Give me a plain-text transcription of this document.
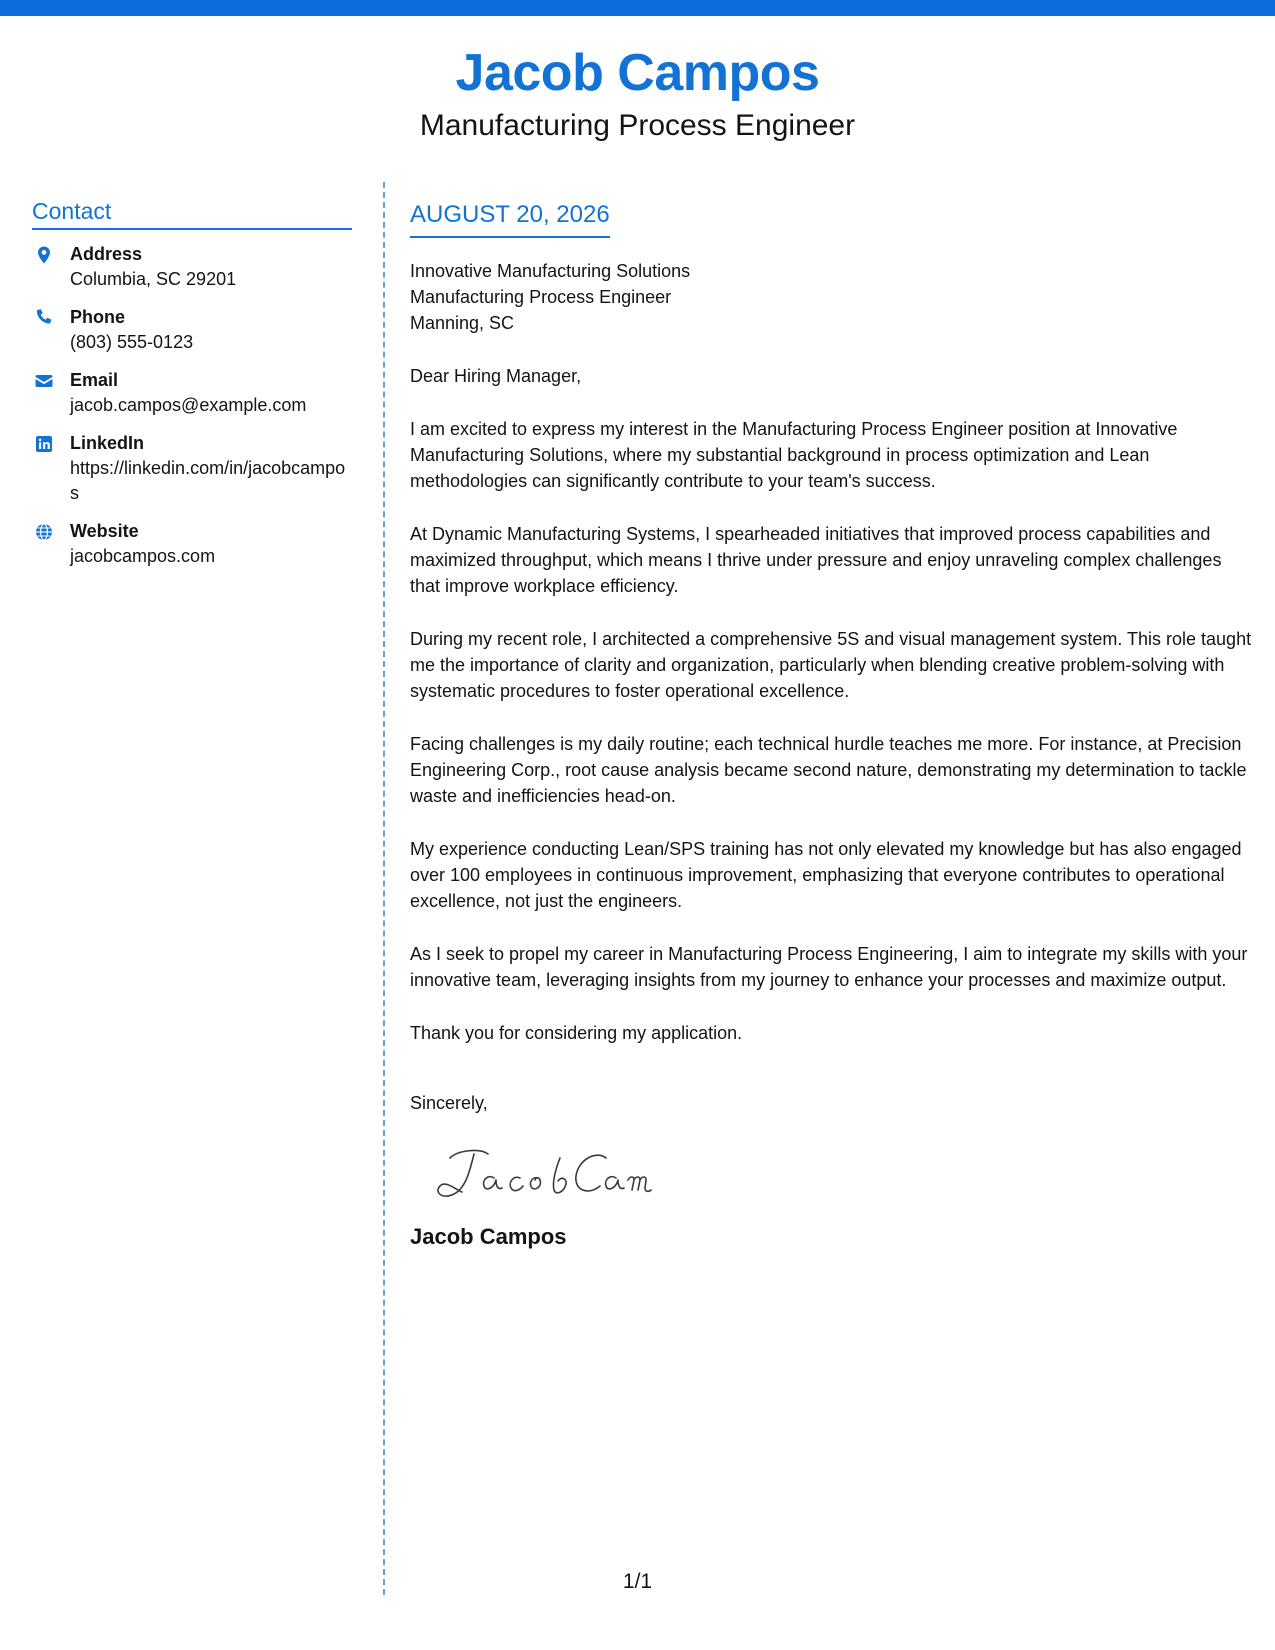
Jacob Campos
Manufacturing Process Engineer
Contact
Address
Columbia, SC 29201
Phone
(803) 555-0123
Email
jacob.campos@example.com
LinkedIn
https://linkedin.com/in/jacobcampos
Website
jacobcampos.com
AUGUST 20, 2026
Innovative Manufacturing Solutions
Manufacturing Process Engineer
Manning, SC
Dear Hiring Manager,
I am excited to express my interest in the Manufacturing Process Engineer position at Innovative Manufacturing Solutions, where my substantial background in process optimization and Lean methodologies can significantly contribute to your team's success.
At Dynamic Manufacturing Systems, I spearheaded initiatives that improved process capabilities and maximized throughput, which means I thrive under pressure and enjoy unraveling complex challenges that improve workplace efficiency.
During my recent role, I architected a comprehensive 5S and visual management system. This role taught me the importance of clarity and organization, particularly when blending creative problem-solving with systematic procedures to foster operational excellence.
Facing challenges is my daily routine; each technical hurdle teaches me more. For instance, at Precision Engineering Corp., root cause analysis became second nature, demonstrating my determination to tackle waste and inefficiencies head-on.
My experience conducting Lean/SPS training has not only elevated my knowledge but has also engaged over 100 employees in continuous improvement, emphasizing that everyone contributes to operational excellence, not just the engineers.
As I seek to propel my career in Manufacturing Process Engineering, I aim to integrate my skills with your innovative team, leveraging insights from my journey to enhance your processes and maximize output.
Thank you for considering my application.
Sincerely,
Jacob Campos
1/1
